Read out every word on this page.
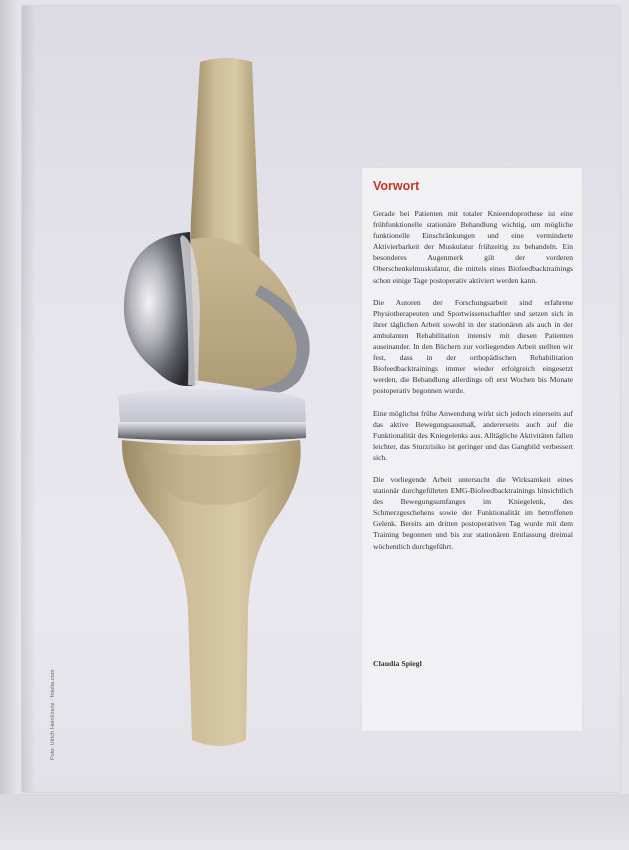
Foto: Ulrich Heinl/zenz · fotolia.com
Vorwort

Gerade bei Patienten mit totaler Knieendoprothese ist eine frühfunktionelle stationäre Behandlung wichtig, um mögliche funktionelle Einschränkungen und eine verminderte Aktivierbarkeit der Muskulatur frühzeitig zu behandeln. Ein besonderes Augenmerk gilt der vorderen Oberschenkelmuskulatur, die mittels eines Biofeedbacktrainings schon einige Tage postoperativ aktiviert werden kann.

Die Autoren der Forschungsarbeit sind erfahrene Physiotherapeuten und Sportwissenschaftler und setzen sich in ihrer täglichen Arbeit sowohl in der stationären als auch in der ambulanten Rehabilitation intensiv mit diesen Patienten auseinander. In den Büchern zur vorliegenden Arbeit stellten wir fest, dass in der orthopädischen Rehabilitation Biofeedbacktrainings immer wieder erfolgreich eingesetzt werden, die Behandlung allerdings oft erst Wochen bis Monate postoperativ begonnen wurde.

Eine möglichst frühe Anwendung wirkt sich jedoch einerseits auf das aktive Bewegungsausmaß, andererseits auch auf die Funktionalität des Kniegelenks aus. Alltägliche Aktivitäten fallen leichter, das Sturzrisiko ist geringer und das Gangbild verbessert sich.

Die vorliegende Arbeit untersucht die Wirksamkeit eines stationär durchgeführten EMG-Biofeedbacktrainings hinsichtlich des Bewegungsumfanges im Kniegelenk, des Schmerzgeschehens sowie der Funktionalität im betroffenen Gelenk. Bereits am dritten postoperativen Tag wurde mit dem Training begonnen und bis zur stationären Entlassung dreimal wöchentlich durchgeführt.

Claudia Spiegl
